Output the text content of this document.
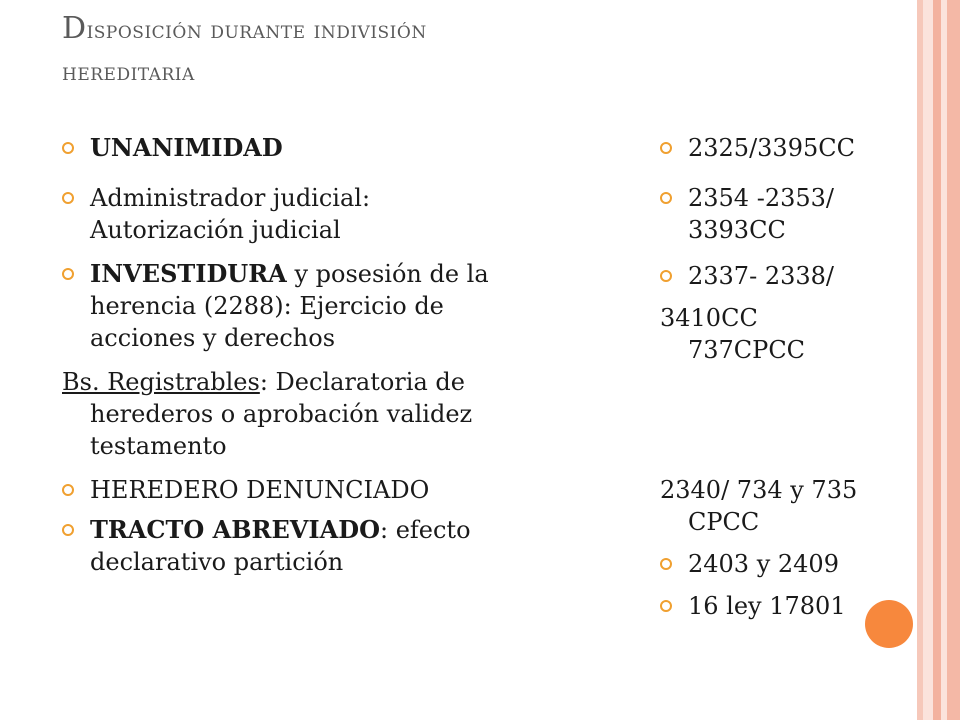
Disposición durante indivisión
hereditaria

UNANIMIDAD

Administrador judicial:
Autorización judicial

INVESTIDURA y posesión de la
herencia (2288): Ejercicio de
acciones y derechos

Bs. Registrables: Declaratoria de
herederos o aprobación validez
testamento

HEREDERO DENUNCIADO

TRACTO ABREVIADO: efecto
declarativo partición

2325/3395CC

2354 -2353/
3393CC

2337- 2338/

3410CC
737CPCC

2340/ 734 y 735
CPCC

2403 y 2409

16 ley 17801
